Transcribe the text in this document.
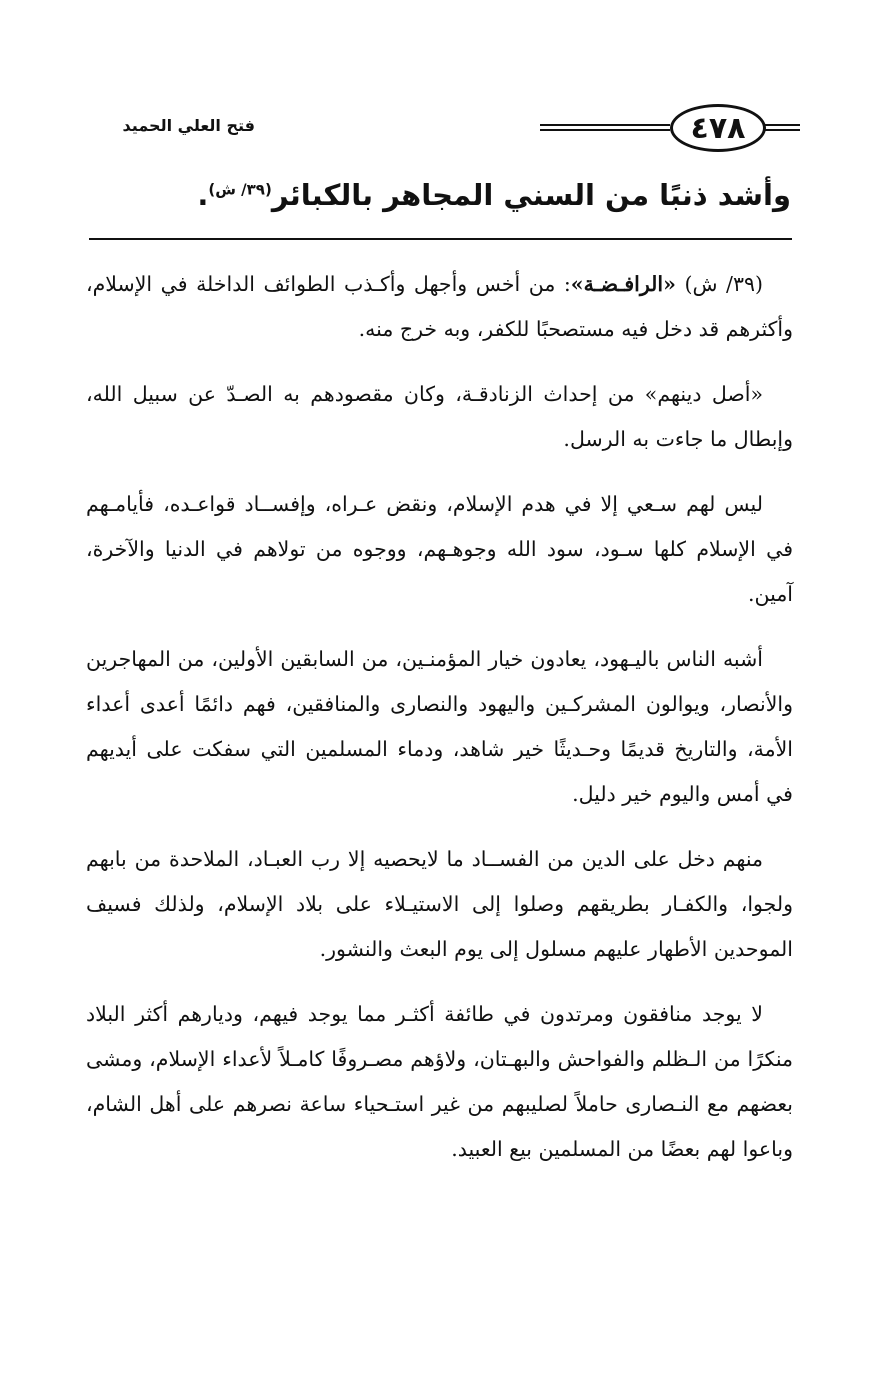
فتح العلي الحميد	٤٧٨
وأشد ذنبًا من السني المجاهر بالكبائر$^{(٣٩/ ش)}$.

(٣٩/ ش) «الرافـضـة»: من أخس وأجهل وأكـذب الطوائف الداخلة في الإسلام، وأكثرهم قد دخل فيه مستصحبًا للكفر، وبه خرج منه.

«أصل دينهم» من إحداث الزنادقـة، وكان مقصودهم به الصـدّ عن سبيل الله، وإبطال ما جاءت به الرسل.

ليس لهم سـعي إلا في هدم الإسلام، ونقض عـراه، وإفســاد قواعـده، فأيامـهم في الإسلام كلها سـود، سود الله وجوهـهم، ووجوه من تولاهم في الدنيا والآخرة، آمين.

أشبه الناس باليـهود، يعادون خيار المؤمنـين، من السابقين الأولين، من المهاجرين والأنصار، ويوالون المشركـين واليهود والنصارى والمنافقين، فهم دائمًا أعدى أعداء الأمة، والتاريخ قديمًا وحـديثًا خير شاهد، ودماء المسلمين التي سفكت على أيديهم في أمس واليوم خير دليل.

منهم دخل على الدين من الفســاد ما لايحصيه إلا رب العبـاد، الملاحدة من بابهم ولجوا، والكفـار بطريقهم وصلوا إلى الاستيـلاء على بلاد الإسلام، ولذلك فسيف الموحدين الأطهار عليهم مسلول إلى يوم البعث والنشور.

لا يوجد منافقون ومرتدون في طائفة أكثـر مما يوجد فيهم، وديارهم أكثر البلاد منكرًا من الـظلم والفواحش والبهـتان، ولاؤهم مصـروفًا كامـلاً لأعداء الإسلام، ومشى بعضهم مع النـصارى حاملاً لصليبهم من غير استـحياء ساعة نصرهم على أهل الشام، وباعوا لهم بعضًا من المسلمين بيع العبيد.
